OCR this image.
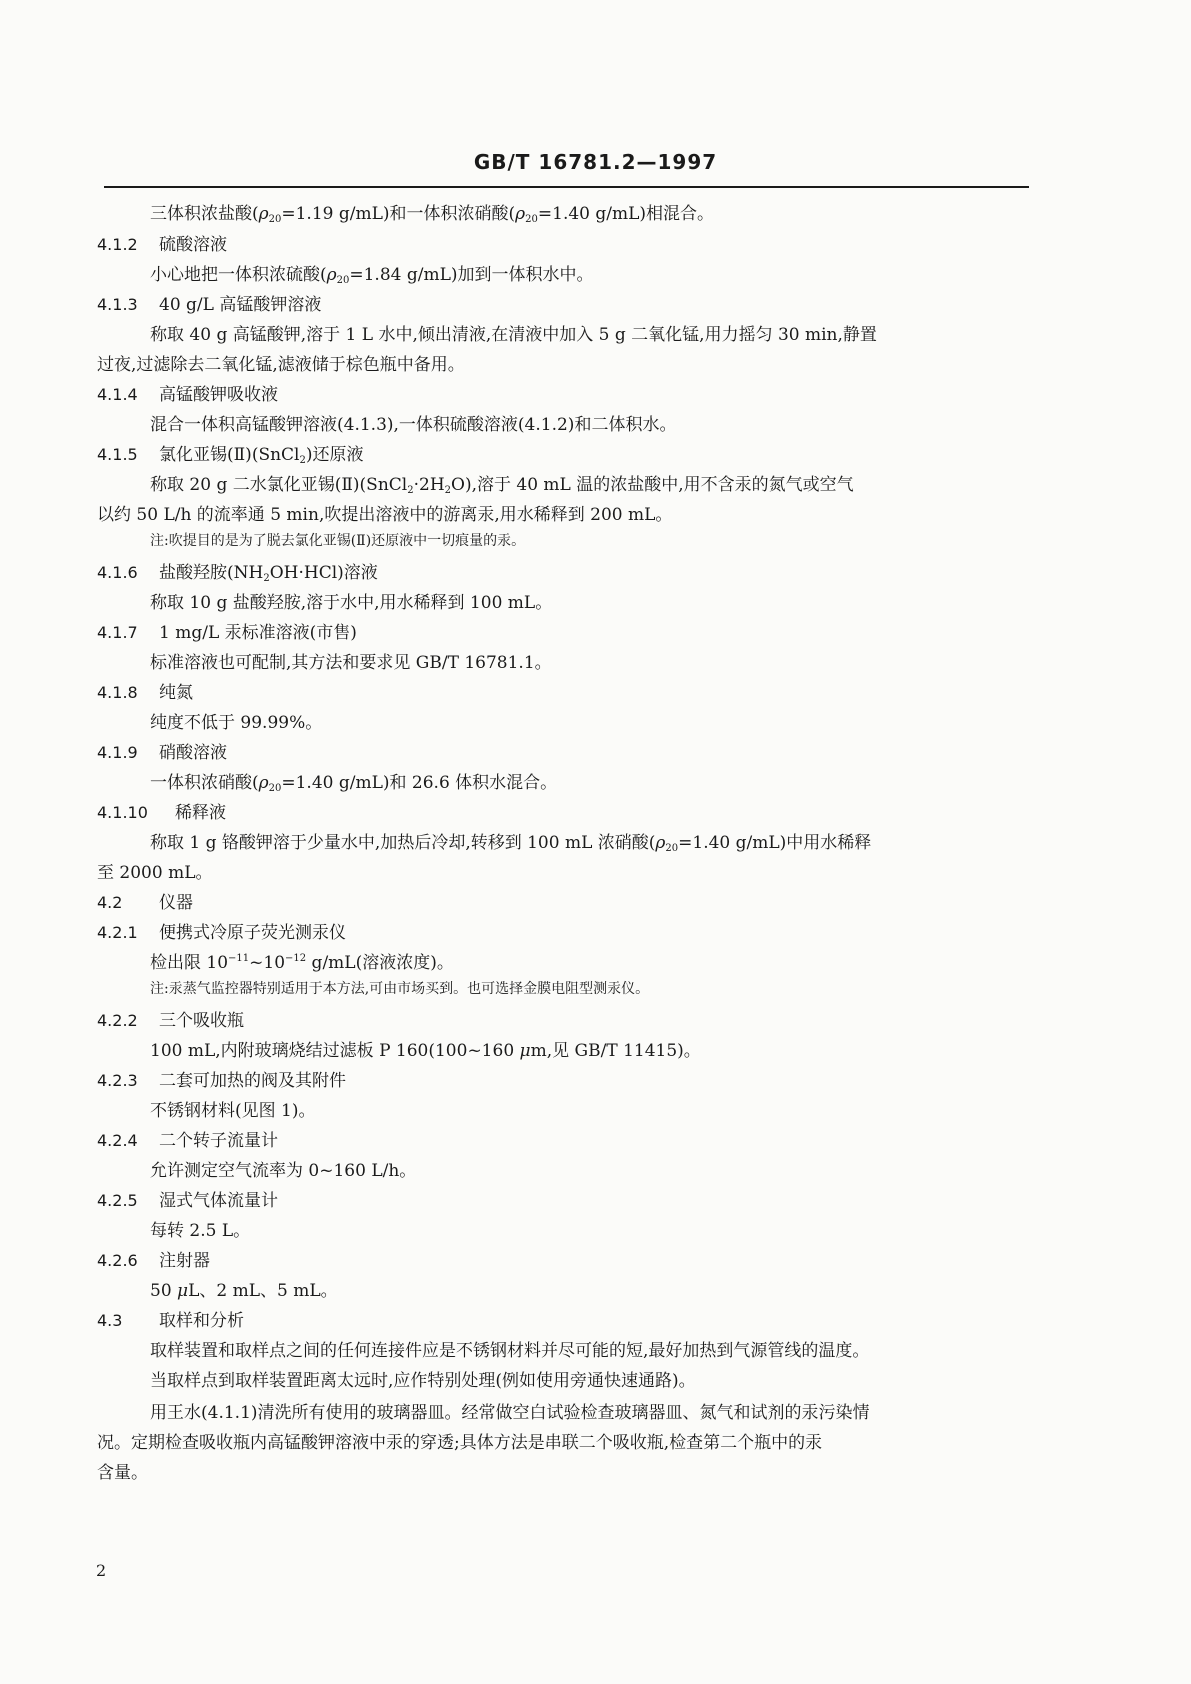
GB/T 16781.2—1997
三体积浓盐酸($\rho_{20}=1.19$ g/mL)和一体积浓硝酸($\rho_{20}=1.40$ g/mL)相混合。
4.1.2 硫酸溶液
小心地把一体积浓硫酸($\rho_{20}=1.84$ g/mL)加到一体积水中。
4.1.3 40 g/L 高锰酸钾溶液
称取 40 g 高锰酸钾,溶于 1 L 水中,倾出清液,在清液中加入 5 g 二氧化锰,用力摇匀 30 min,静置
过夜,过滤除去二氧化锰,滤液储于棕色瓶中备用。
4.1.4 高锰酸钾吸收液
混合一体积高锰酸钾溶液(4.1.3),一体积硫酸溶液(4.1.2)和二体积水。
4.1.5 氯化亚锡(Ⅱ)(SnCl$_2$)还原液
称取 20 g 二水氯化亚锡$(Ⅱ)(SnCl_2\cdot 2H_2O)$,溶于 40 mL 温的浓盐酸中,用不含汞的氮气或空气
以约 50 L/h 的流率通 5 min,吹提出溶液中的游离汞,用水稀释到 200 mL。
注:吹提目的是为了脱去氯化亚锡(Ⅱ)还原液中一切痕量的汞。
4.1.6 盐酸羟胺$(NH_2OH\cdot HCl)$溶液
称取 10 g 盐酸羟胺,溶于水中,用水稀释到 100 mL。
4.1.7 1 mg/L 汞标准溶液(市售)
标准溶液也可配制,其方法和要求见 GB/T 16781.1。
4.1.8 纯氮
纯度不低于 99.99%。
4.1.9 硝酸溶液
一体积浓硝酸($\rho_{20}=1.40$ g/mL)和 26.6 体积水混合。
4.1.10 稀释液
称取 1 g 铬酸钾溶于少量水中,加热后冷却,转移到 100 mL 浓硝酸($\rho_{20}=1.40$ g/mL)中用水稀释
至 2000 mL。
4.2 仪器
4.2.1 便携式冷原子荧光测汞仪
检出限 $10^{-11}\sim 10^{-12}$ g/mL(溶液浓度)。
注:汞蒸气监控器特别适用于本方法,可由市场买到。也可选择金膜电阻型测汞仪。
4.2.2 三个吸收瓶
100 mL,内附玻璃烧结过滤板 P 160(100~160 μm,见 GB/T 11415)。
4.2.3 二套可加热的阀及其附件
不锈钢材料(见图 1)。
4.2.4 二个转子流量计
允许测定空气流率为 0~160 L/h。
4.2.5 湿式气体流量计
每转 2.5 L。
4.2.6 注射器
50 μL、2 mL、5 mL。
4.3 取样和分析
取样装置和取样点之间的任何连接件应是不锈钢材料并尽可能的短,最好加热到气源管线的温度。
当取样点到取样装置距离太远时,应作特别处理(例如使用旁通快速通路)。
用王水(4.1.1)清洗所有使用的玻璃器皿。经常做空白试验检查玻璃器皿、氮气和试剂的汞污染情
况。定期检查吸收瓶内高锰酸钾溶液中汞的穿透;具体方法是串联二个吸收瓶,检查第二个瓶中的汞
含量。
2
